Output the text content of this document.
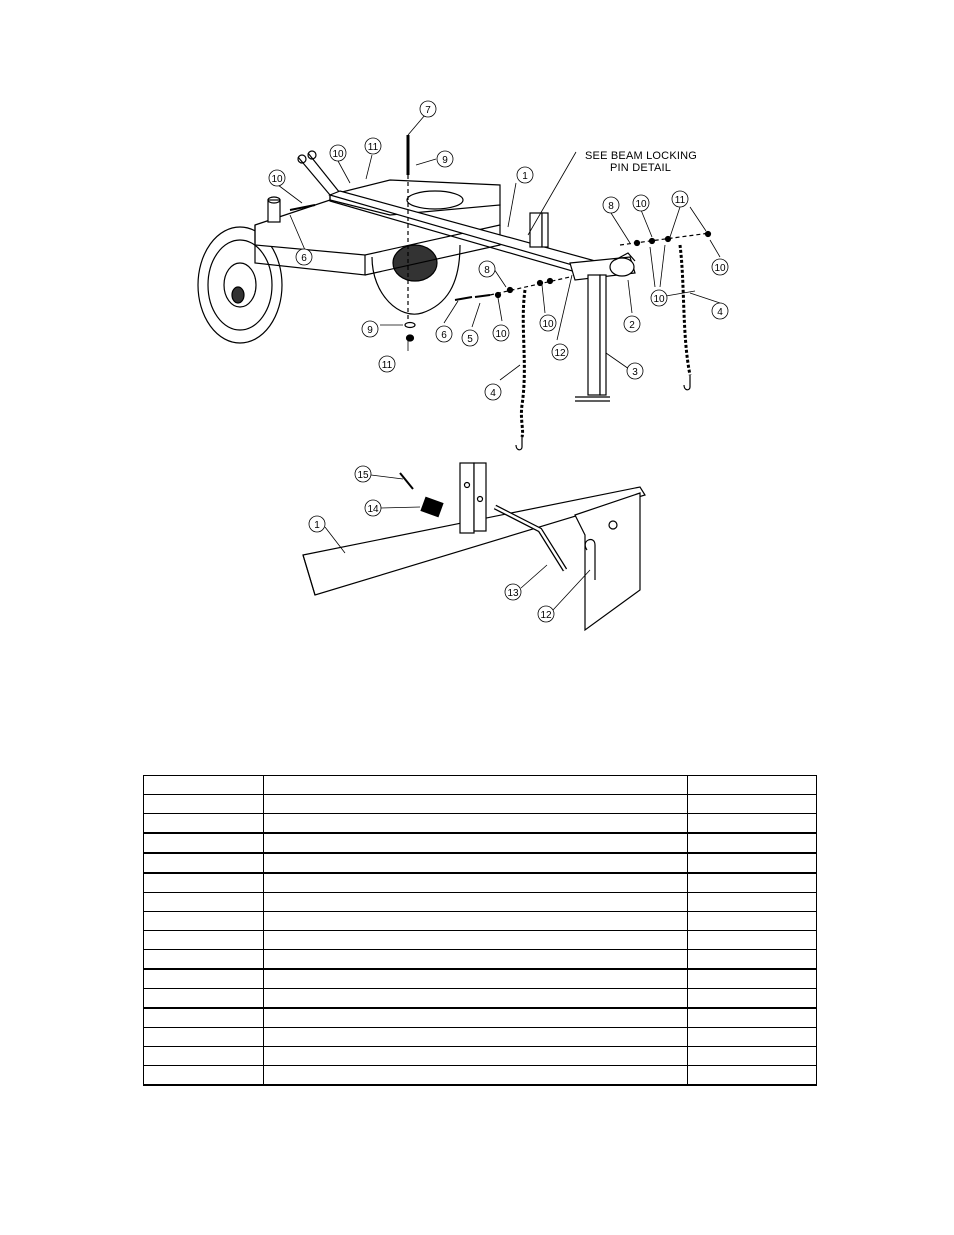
7
10
11
9
10	1
8 10	11
10
6
4
8
6 5 10
10	2
9
12
3
11
4
10
SEE BEAM LOCKING
PIN DETAIL
15
14
1
13
12
